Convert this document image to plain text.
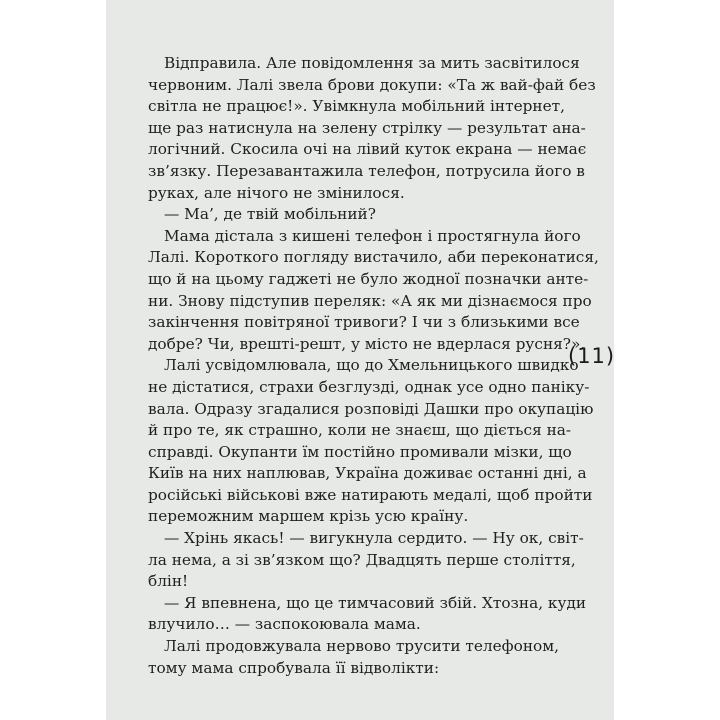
Відправила. Але повідомлення за мить засвітилося
червоним. Лалі звела брови докупи: «Та ж вай-фай без
світла не працює!». Увімкнула мобільний інтернет,
ще раз натиснула на зелену стрілку — результат ана-
логічний. Скосила очі на лівий куток екрана — немає
зв’язку. Перезавантажила телефон, потрусила його в
руках, але нічого не змінилося.
— Ма’, де твій мобільний?
Мама дістала з кишені телефон і простягнула його
Лалі. Короткого погляду вистачило, аби переконатися,
що й на цьому гаджеті не було жодної позначки анте-
ни. Знову підступив переляк: «А як ми дізнаємося про
закінчення повітряної тривоги? І чи з близькими все
добре? Чи, врешті-решт, у місто не вдерлася русня?».
Лалі усвідомлювала, що до Хмельницького швидко
не дістатися, страхи безглузді, однак усе одно паніку-
вала. Одразу згадалися розповіді Дашки про окупацію
й про те, як страшно, коли не знаєш, що діється на-
справді. Окупанти їм постійно промивали мізки, що
Київ на них наплював, Україна доживає останні дні, а
російські військові вже натирають медалі, щоб пройти
переможним маршем крізь усю країну.
— Хрінь якась! — вигукнула сердито. — Ну ок, світ-
ла нема, а зі зв’язком що? Двадцять перше століття,
блін!
— Я впевнена, що це тимчасовий збій. Хтозна, куди
влучило… — заспокоювала мама.
Лалі продовжувала нервово трусити телефоном,
тому мама спробувала її відволікти:
(11)
